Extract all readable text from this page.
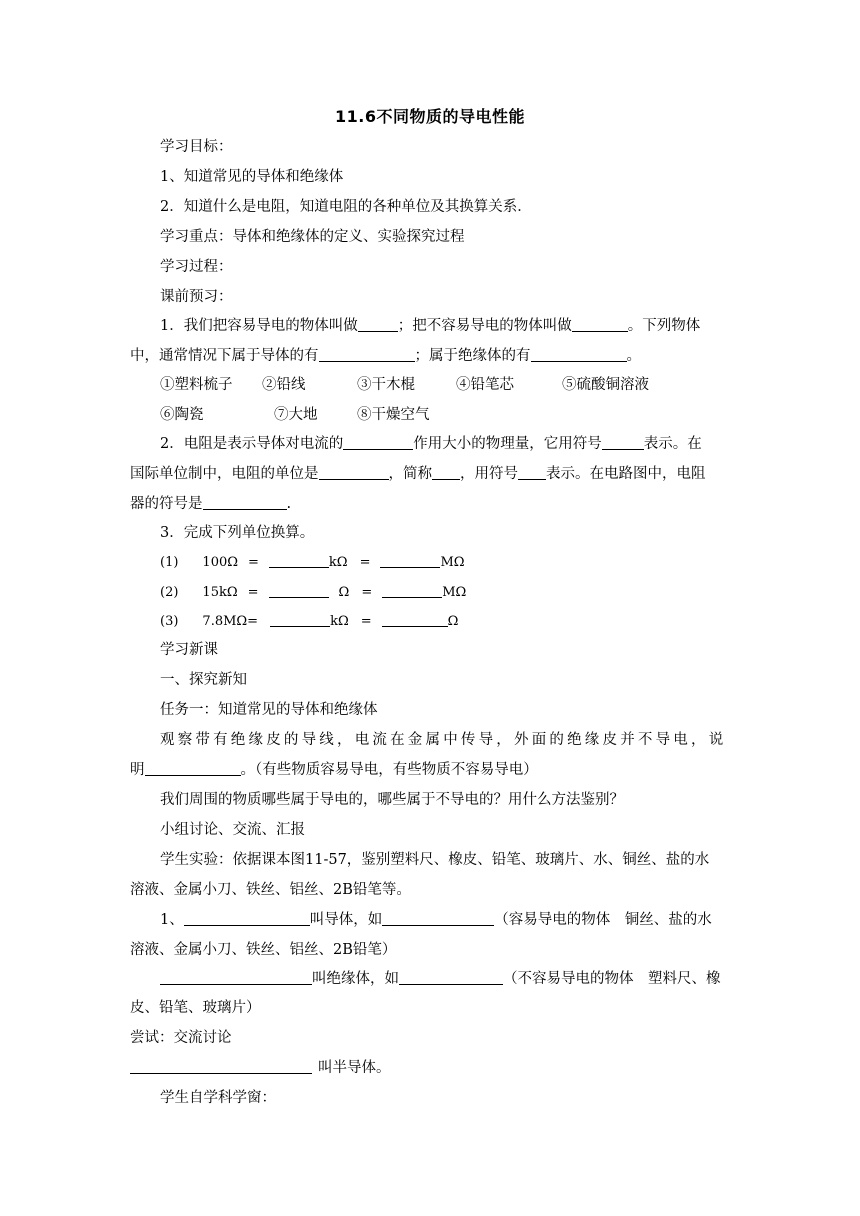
11.6不同物质的导电性能
学习目标：
1、知道常见的导体和绝缘体
2．知道什么是电阻，知道电阻的各种单位及其换算关系．
学习重点：导体和绝缘体的定义、实验探究过程
学习过程：
课前预习：
1．我们把容易导电的物体叫做	；把不容易导电的物体叫做	。下列物体
中，通常情况下属于导体的有	；属于绝缘体的有	。
①塑料梳子 ②铅线	③干木棍	④铅笔芯	⑤硫酸铜溶液
⑥陶瓷	⑦大地	⑧干燥空气
2．电阻是表示导体对电流的	作用大小的物理量，它用符号	表示。在
国际单位制中，电阻的单位是	，简称 ，用符号 表示。在电路图中，电阻
器的符号是	.
3．完成下列单位换算。
(1) 100Ω =	kΩ =	MΩ
(2) 15kΩ =	Ω =	MΩ
(3) 7.8MΩ=	kΩ =	Ω
学习新课
一、探究新知
任务一：知道常见的导体和绝缘体
观察带有绝缘皮的导线，电流在金属中传导，外面的绝缘皮并不导电，说
明	。（有些物质容易导电，有些物质不容易导电）
我们周围的物质哪些属于导电的，哪些属于不导电的？用什么方法鉴别？
小组讨论、交流、汇报
学生实验：依据课本图11-57，鉴别塑料尺、橡皮、铅笔、玻璃片、水、铜丝、盐的水
溶液、金属小刀、铁丝、铝丝、2B铅笔等。
1、	叫导体，如	（容易导电的物体　铜丝、盐的水
溶液、金属小刀、铁丝、铝丝、2B铅笔）
叫绝缘体，如	（不容易导电的物体　塑料尺、橡
皮、铅笔、玻璃片）
尝试：交流讨论
叫半导体。
学生自学科学窗：
